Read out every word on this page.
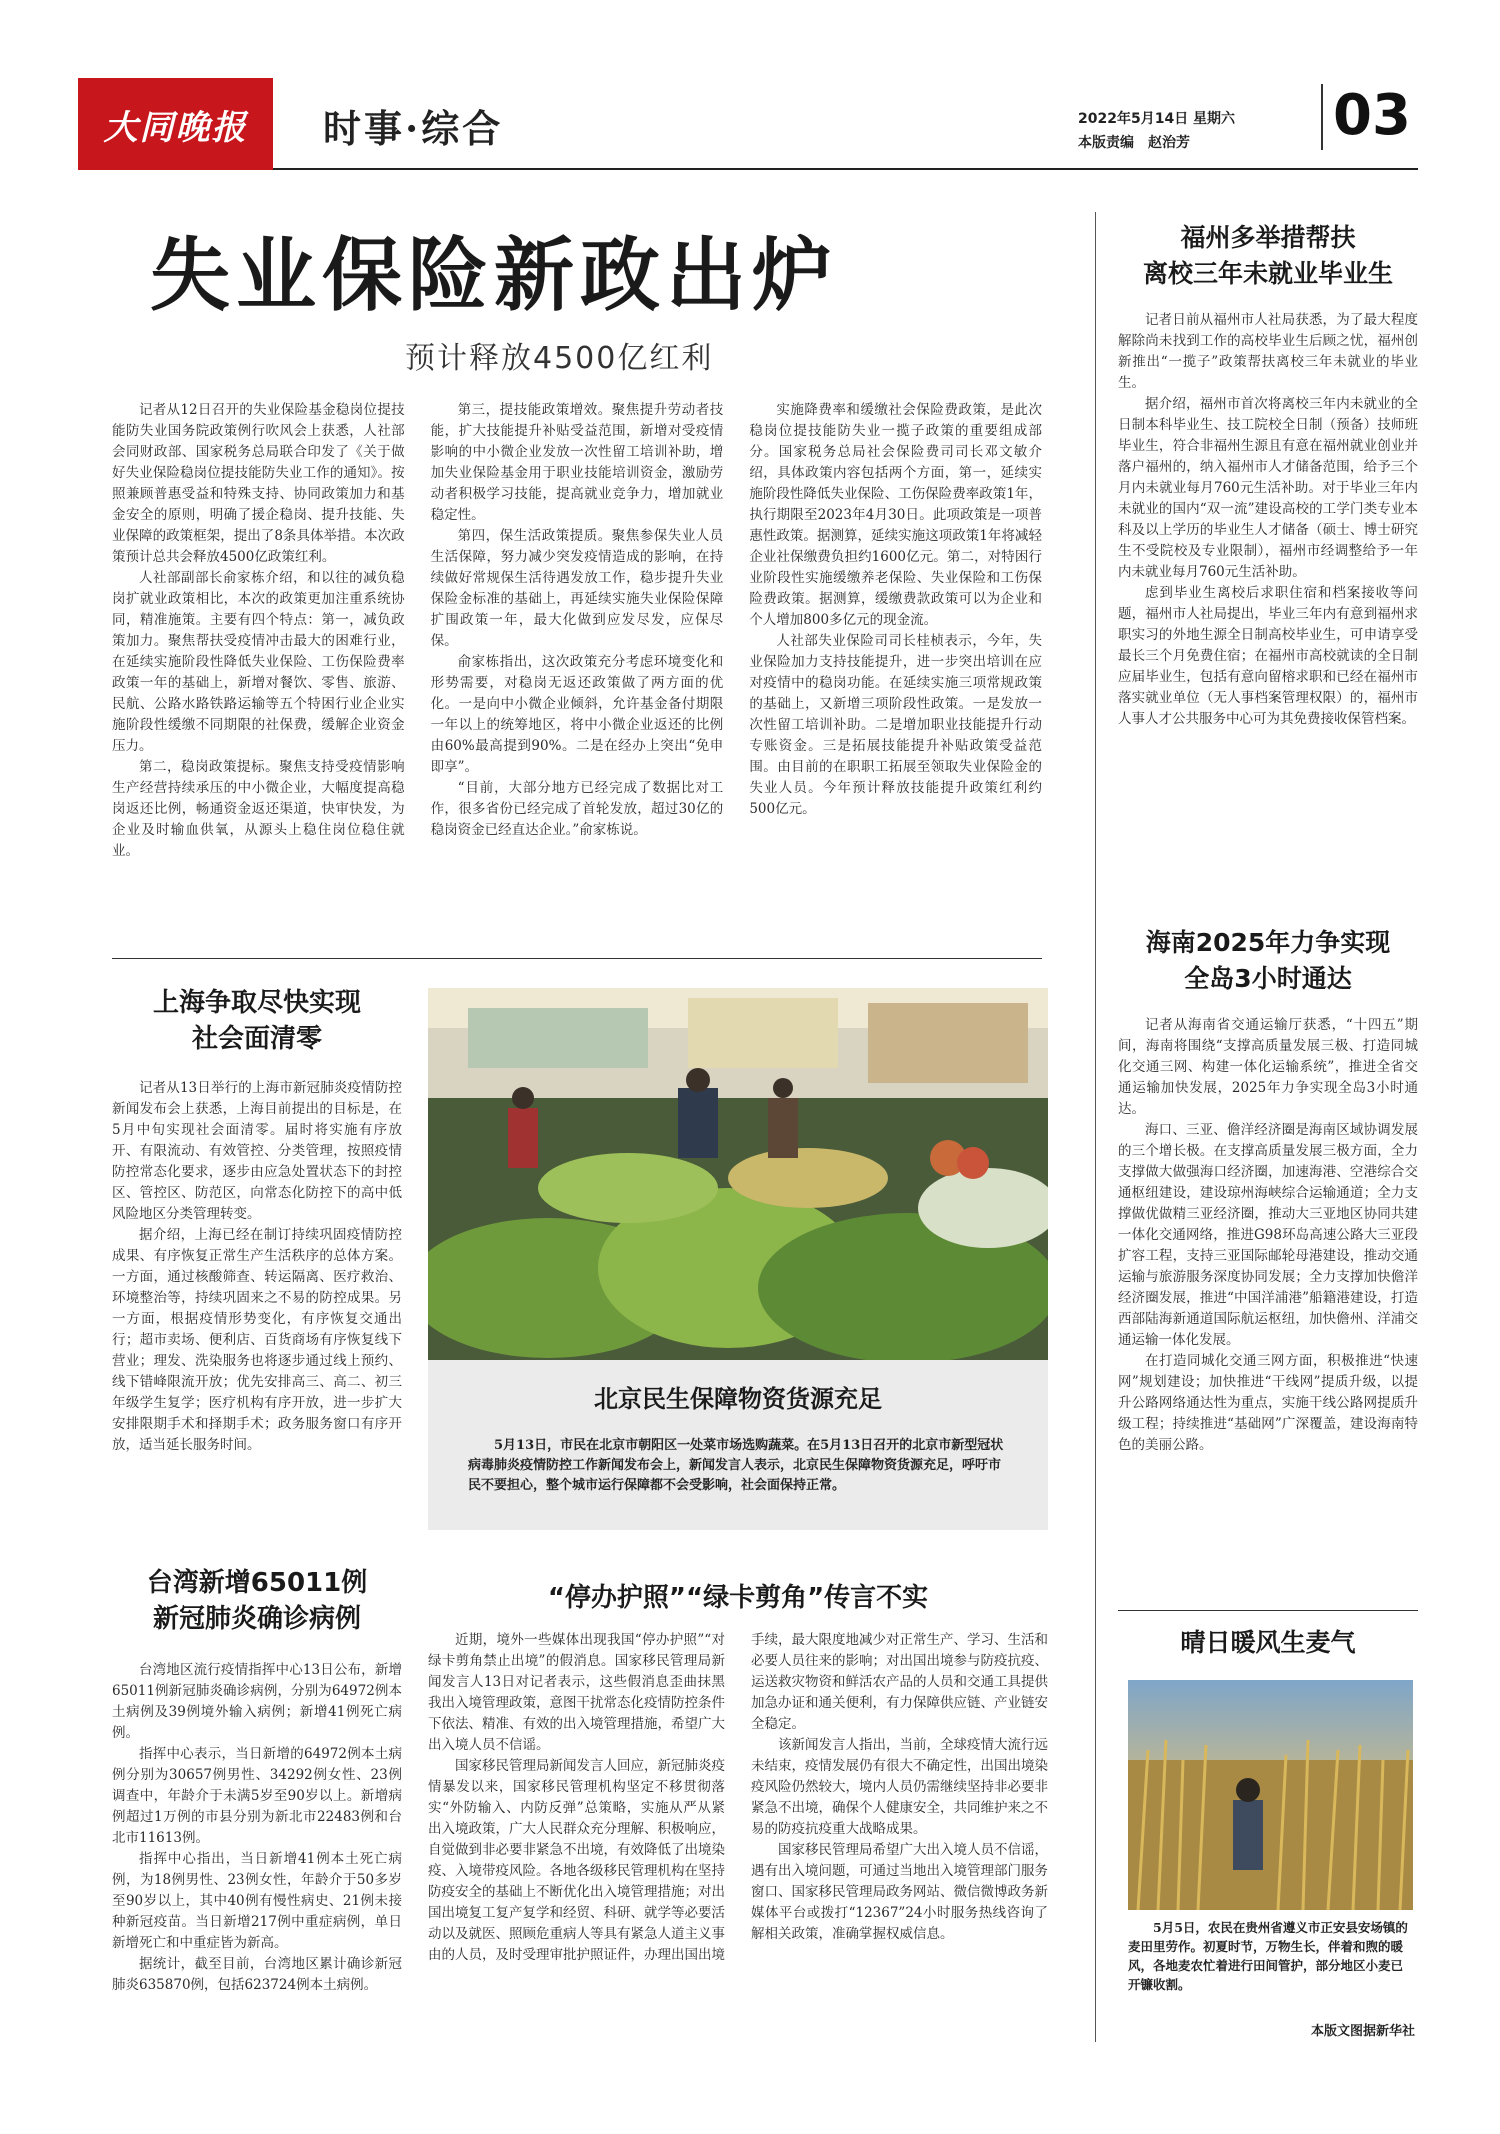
大同晚报 时事·综合	2022年5月14日 星期六
本版责编　赵治芳	03
失业保险新政出炉
预计释放4500亿红利

记者从12日召开的失业保险基金稳岗位提技能防失业国务院政策例行吹风会上获悉，人社部会同财政部、国家税务总局联合印发了《关于做好失业保险稳岗位提技能防失业工作的通知》。按照兼顾普惠受益和特殊支持、协同政策加力和基金安全的原则，明确了援企稳岗、提升技能、失业保障的政策框架，提出了8条具体举措。本次政策预计总共会释放4500亿政策红利。

人社部副部长俞家栋介绍，和以往的减负稳岗扩就业政策相比，本次的政策更加注重系统协同，精准施策。主要有四个特点：第一，减负政策加力。聚焦帮扶受疫情冲击最大的困难行业，在延续实施阶段性降低失业保险、工伤保险费率政策一年的基础上，新增对餐饮、零售、旅游、民航、公路水路铁路运输等五个特困行业企业实施阶段性缓缴不同期限的社保费，缓解企业资金压力。

第二，稳岗政策提标。聚焦支持受疫情影响生产经营持续承压的中小微企业，大幅度提高稳岗返还比例，畅通资金返还渠道，快审快发，为企业及时输血供氧，从源头上稳住岗位稳住就业。

第三，提技能政策增效。聚焦提升劳动者技能，扩大技能提升补贴受益范围，新增对受疫情影响的中小微企业发放一次性留工培训补助，增加失业保险基金用于职业技能培训资金，激励劳动者积极学习技能，提高就业竞争力，增加就业稳定性。

第四，保生活政策提质。聚焦参保失业人员生活保障，努力减少突发疫情造成的影响，在持续做好常规保生活待遇发放工作，稳步提升失业保险金标准的基础上，再延续实施失业保险保障扩围政策一年，最大化做到应发尽发，应保尽保。

俞家栋指出，这次政策充分考虑环境变化和形势需要，对稳岗无返还政策做了两方面的优化。一是向中小微企业倾斜，允许基金备付期限一年以上的统筹地区，将中小微企业返还的比例由60%最高提到90%。二是在经办上突出“免申即享”。

“目前，大部分地方已经完成了数据比对工作，很多省份已经完成了首轮发放，超过30亿的稳岗资金已经直达企业。”俞家栋说。

实施降费率和缓缴社会保险费政策，是此次稳岗位提技能防失业一揽子政策的重要组成部分。国家税务总局社会保险费司司长邓文敏介绍，具体政策内容包括两个方面，第一，延续实施阶段性降低失业保险、工伤保险费率政策1年，执行期限至2023年4月30日。此项政策是一项普惠性政策。据测算，延续实施这项政策1年将减轻企业社保缴费负担约1600亿元。第二，对特困行业阶段性实施缓缴养老保险、失业保险和工伤保险费政策。据测算，缓缴费款政策可以为企业和个人增加800多亿元的现金流。

人社部失业保险司司长桂桢表示，今年，失业保险加力支持技能提升，进一步突出培训在应对疫情中的稳岗功能。在延续实施三项常规政策的基础上，又新增三项阶段性政策。一是发放一次性留工培训补助。二是增加职业技能提升行动专账资金。三是拓展技能提升补贴政策受益范围。由目前的在职职工拓展至领取失业保险金的失业人员。今年预计释放技能提升政策红利约500亿元。

上海争取尽快实现
社会面清零

记者从13日举行的上海市新冠肺炎疫情防控新闻发布会上获悉，上海目前提出的目标是，在5月中旬实现社会面清零。届时将实施有序放开、有限流动、有效管控、分类管理，按照疫情防控常态化要求，逐步由应急处置状态下的封控区、管控区、防范区，向常态化防控下的高中低风险地区分类管理转变。

据介绍，上海已经在制订持续巩固疫情防控成果、有序恢复正常生产生活秩序的总体方案。一方面，通过核酸筛查、转运隔离、医疗救治、环境整治等，持续巩固来之不易的防控成果。另一方面，根据疫情形势变化，有序恢复交通出行；超市卖场、便利店、百货商场有序恢复线下营业；理发、洗染服务也将逐步通过线上预约、线下错峰限流开放；优先安排高三、高二、初三年级学生复学；医疗机构有序开放，进一步扩大安排限期手术和择期手术；政务服务窗口有序开放，适当延长服务时间。

北京民生保障物资货源充足

5月13日，市民在北京市朝阳区一处菜市场选购蔬菜。在5月13日召开的北京市新型冠状病毒肺炎疫情防控工作新闻发布会上，新闻发言人表示，北京民生保障物资货源充足，呼吁市民不要担心，整个城市运行保障都不会受影响，社会面保持正常。

台湾新增65011例
新冠肺炎确诊病例

台湾地区流行疫情指挥中心13日公布，新增65011例新冠肺炎确诊病例，分别为64972例本土病例及39例境外输入病例；新增41例死亡病例。

指挥中心表示，当日新增的64972例本土病例分别为30657例男性、34292例女性、23例调查中，年龄介于未满5岁至90岁以上。新增病例超过1万例的市县分别为新北市22483例和台北市11613例。

指挥中心指出，当日新增41例本土死亡病例，为18例男性、23例女性，年龄介于50多岁至90岁以上，其中40例有慢性病史、21例未接种新冠疫苗。当日新增217例中重症病例，单日新增死亡和中重症皆为新高。

据统计，截至目前，台湾地区累计确诊新冠肺炎635870例，包括623724例本土病例。

“停办护照”“绿卡剪角”传言不实

近期，境外一些媒体出现我国“停办护照”“对绿卡剪角禁止出境”的假消息。国家移民管理局新闻发言人13日对记者表示，这些假消息歪曲抹黑我出入境管理政策，意图干扰常态化疫情防控条件下依法、精准、有效的出入境管理措施，希望广大出入境人员不信谣。

国家移民管理局新闻发言人回应，新冠肺炎疫情暴发以来，国家移民管理机构坚定不移贯彻落实“外防输入、内防反弹”总策略，实施从严从紧出入境政策，广大人民群众充分理解、积极响应，自觉做到非必要非紧急不出境，有效降低了出境染疫、入境带疫风险。各地各级移民管理机构在坚持防疫安全的基础上不断优化出入境管理措施；对出国出境复工复产复学和经贸、科研、就学等必要活动以及就医、照顾危重病人等具有紧急人道主义事由的人员，及时受理审批护照证件，办理出国出境手续，最大限度地减少对正常生产、学习、生活和必要人员往来的影响；对出国出境参与防疫抗疫、运送救灾物资和鲜活农产品的人员和交通工具提供加急办证和通关便利，有力保障供应链、产业链安全稳定。

该新闻发言人指出，当前，全球疫情大流行远未结束，疫情发展仍有很大不确定性，出国出境染疫风险仍然较大，境内人员仍需继续坚持非必要非紧急不出境，确保个人健康安全，共同维护来之不易的防疫抗疫重大战略成果。

国家移民管理局希望广大出入境人员不信谣，遇有出入境问题，可通过当地出入境管理部门服务窗口、国家移民管理局政务网站、微信微博政务新媒体平台或拨打“12367”24小时服务热线咨询了解相关政策，准确掌握权威信息。

福州多举措帮扶
离校三年未就业毕业生

记者日前从福州市人社局获悉，为了最大程度解除尚未找到工作的高校毕业生后顾之忧，福州创新推出“一揽子”政策帮扶离校三年未就业的毕业生。

据介绍，福州市首次将离校三年内未就业的全日制本科毕业生、技工院校全日制（预备）技师班毕业生，符合非福州生源且有意在福州就业创业并落户福州的，纳入福州市人才储备范围，给予三个月内未就业每月760元生活补助。对于毕业三年内未就业的国内“双一流”建设高校的工学门类专业本科及以上学历的毕业生人才储备（硕士、博士研究生不受院校及专业限制），福州市经调整给予一年内未就业每月760元生活补助。

虑到毕业生离校后求职住宿和档案接收等问题，福州市人社局提出，毕业三年内有意到福州求职实习的外地生源全日制高校毕业生，可申请享受最长三个月免费住宿；在福州市高校就读的全日制应届毕业生，包括有意向留榕求职和已经在福州市落实就业单位（无人事档案管理权限）的，福州市人事人才公共服务中心可为其免费接收保管档案。

海南2025年力争实现
全岛3小时通达

记者从海南省交通运输厅获悉，“十四五”期间，海南将围绕“支撑高质量发展三极、打造同城化交通三网、构建一体化运输系统”，推进全省交通运输加快发展，2025年力争实现全岛3小时通达。

海口、三亚、儋洋经济圈是海南区域协调发展的三个增长极。在支撑高质量发展三极方面，全力支撑做大做强海口经济圈，加速海港、空港综合交通枢纽建设，建设琼州海峡综合运输通道；全力支撑做优做精三亚经济圈，推动大三亚地区协同共建一体化交通网络，推进G98环岛高速公路大三亚段扩容工程，支持三亚国际邮轮母港建设，推动交通运输与旅游服务深度协同发展；全力支撑加快儋洋经济圈发展，推进“中国洋浦港”船籍港建设，打造西部陆海新通道国际航运枢纽，加快儋州、洋浦交通运输一体化发展。

在打造同城化交通三网方面，积极推进“快速网”规划建设；加快推进“干线网”提质升级，以提升公路网络通达性为重点，实施干线公路网提质升级工程；持续推进“基础网”广深覆盖，建设海南特色的美丽公路。

晴日暖风生麦气

5月5日，农民在贵州省遵义市正安县安场镇的麦田里劳作。初夏时节，万物生长，伴着和煦的暖风，各地麦农忙着进行田间管护，部分地区小麦已开镰收割。

本版文图据新华社
